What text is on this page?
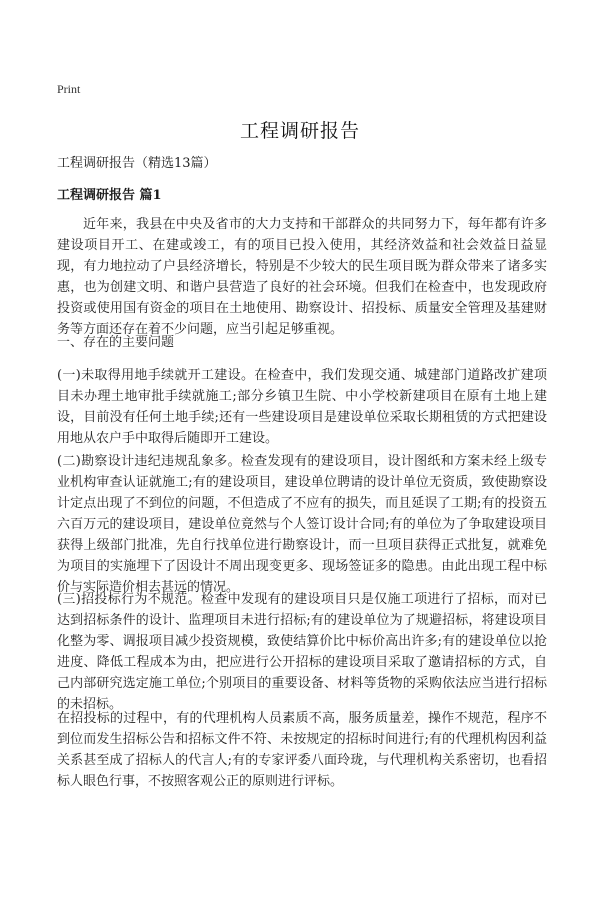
Print
工程调研报告

工程调研报告（精选13篇）

工程调研报告 篇1

近年来，我县在中央及省市的大力支持和干部群众的共同努力下，每年都有许多建设项目开工、在建或竣工，有的项目已投入使用，其经济效益和社会效益日益显现，有力地拉动了户县经济增长，特别是不少较大的民生项目既为群众带来了诸多实惠，也为创建文明、和谐户县营造了良好的社会环境。但我们在检查中，也发现政府投资或使用国有资金的项目在土地使用、勘察设计、招投标、质量安全管理及基建财务等方面还存在着不少问题，应当引起足够重视。

一、存在的主要问题

(一)未取得用地手续就开工建设。在检查中，我们发现交通、城建部门道路改扩建项目未办理土地审批手续就施工;部分乡镇卫生院、中小学校新建项目在原有土地上建设，目前没有任何土地手续;还有一些建设项目是建设单位采取长期租赁的方式把建设用地从农户手中取得后随即开工建设。

(二)勘察设计违纪违规乱象多。检查发现有的建设项目，设计图纸和方案未经上级专业机构审查认证就施工;有的建设项目，建设单位聘请的设计单位无资质，致使勘察设计定点出现了不到位的问题，不但造成了不应有的损失，而且延误了工期;有的投资五六百万元的建设项目，建设单位竟然与个人签订设计合同;有的单位为了争取建设项目获得上级部门批准，先自行找单位进行勘察设计，而一旦项目获得正式批复，就难免为项目的实施埋下了因设计不周出现变更多、现场签证多的隐患。由此出现工程中标价与实际造价相去甚远的情况。

(三)招投标行为不规范。检查中发现有的建设项目只是仅施工项进行了招标，而对已达到招标条件的设计、监理项目未进行招标;有的建设单位为了规避招标，将建设项目化整为零、调报项目减少投资规模，致使结算价比中标价高出许多;有的建设单位以抢进度、降低工程成本为由，把应进行公开招标的建设项目采取了邀请招标的方式，自己内部研究选定施工单位;个别项目的重要设备、材料等货物的采购依法应当进行招标的未招标。

在招投标的过程中，有的代理机构人员素质不高，服务质量差，操作不规范，程序不到位而发生招标公告和招标文件不符、未按规定的招标时间进行;有的代理机构因利益关系甚至成了招标人的代言人;有的专家评委八面玲珑，与代理机构关系密切，也看招标人眼色行事，不按照客观公正的原则进行评标。
